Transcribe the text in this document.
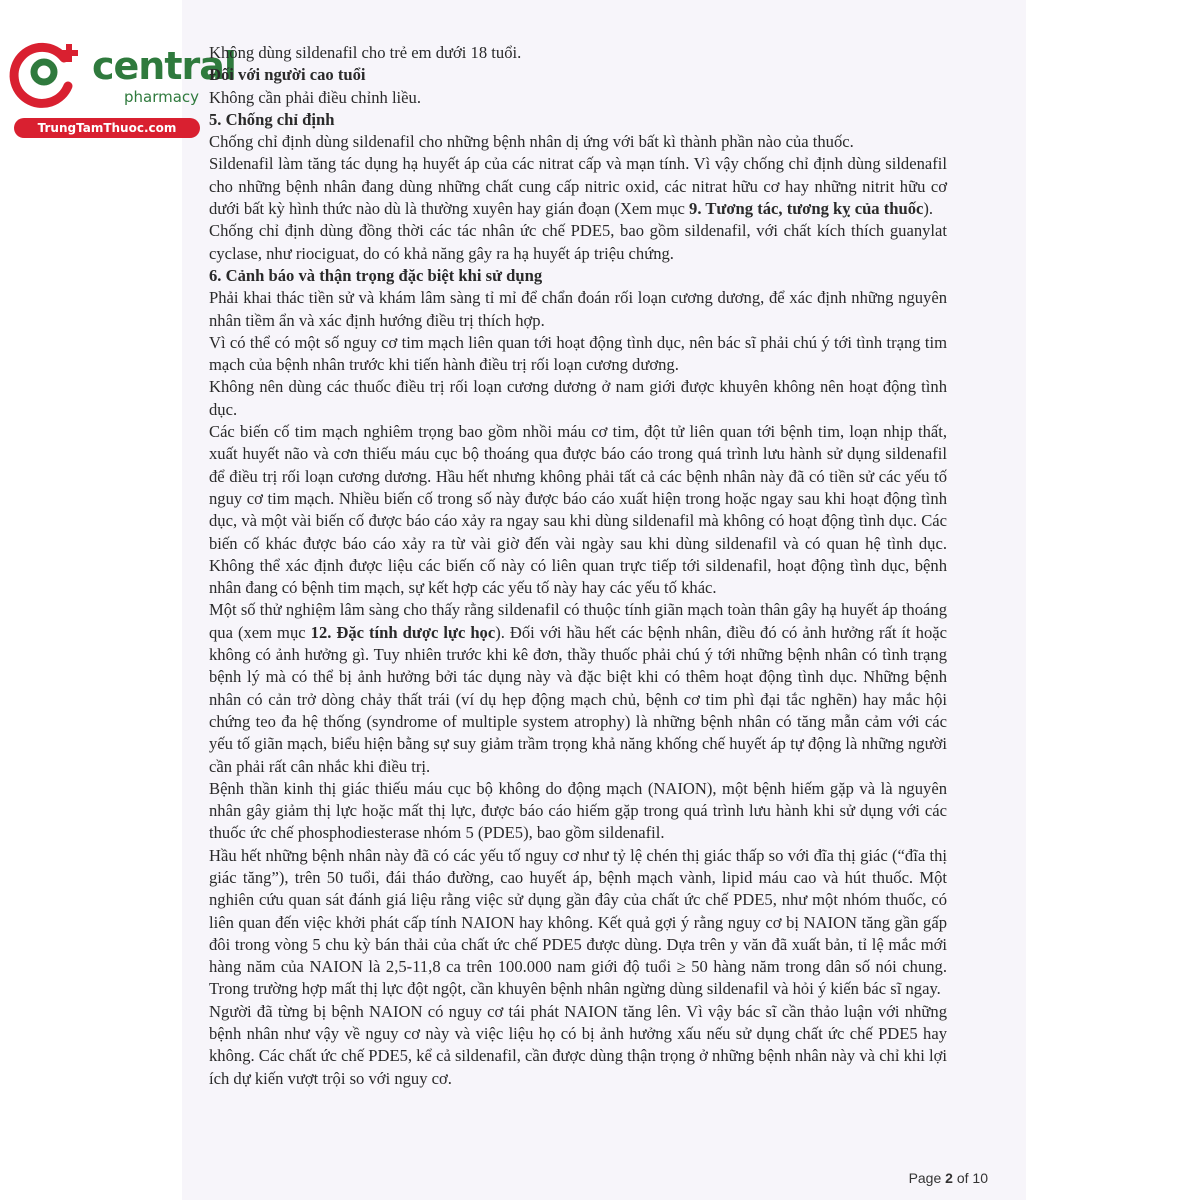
central
pharmacy
TrungTamThuoc.com

Không dùng sildenafil cho trẻ em dưới 18 tuổi.

Đối với người cao tuổi

Không cần phải điều chỉnh liều.

5. Chống chỉ định

Chống chỉ định dùng sildenafil cho những bệnh nhân dị ứng với bất kì thành phần nào của thuốc.

Sildenafil làm tăng tác dụng hạ huyết áp của các nitrat cấp và mạn tính. Vì vậy chống chỉ định dùng sildenafil cho những bệnh nhân đang dùng những chất cung cấp nitric oxid, các nitrat hữu cơ hay những nitrit hữu cơ dưới bất kỳ hình thức nào dù là thường xuyên hay gián đoạn (Xem mục 9. Tương tác, tương kỵ của thuốc).

Chống chỉ định dùng đồng thời các tác nhân ức chế PDE5, bao gồm sildenafil, với chất kích thích guanylat cyclase, như riociguat, do có khả năng gây ra hạ huyết áp triệu chứng.

6. Cảnh báo và thận trọng đặc biệt khi sử dụng

Phải khai thác tiền sử và khám lâm sàng tỉ mỉ để chẩn đoán rối loạn cương dương, để xác định những nguyên nhân tiềm ẩn và xác định hướng điều trị thích hợp.

Vì có thể có một số nguy cơ tim mạch liên quan tới hoạt động tình dục, nên bác sĩ phải chú ý tới tình trạng tim mạch của bệnh nhân trước khi tiến hành điều trị rối loạn cương dương.

Không nên dùng các thuốc điều trị rối loạn cương dương ở nam giới được khuyên không nên hoạt động tình dục.

Các biến cố tim mạch nghiêm trọng bao gồm nhồi máu cơ tim, đột tử liên quan tới bệnh tim, loạn nhịp thất, xuất huyết não và cơn thiếu máu cục bộ thoáng qua được báo cáo trong quá trình lưu hành sử dụng sildenafil để điều trị rối loạn cương dương. Hầu hết nhưng không phải tất cả các bệnh nhân này đã có tiền sử các yếu tố nguy cơ tim mạch. Nhiều biến cố trong số này được báo cáo xuất hiện trong hoặc ngay sau khi hoạt động tình dục, và một vài biến cố được báo cáo xảy ra ngay sau khi dùng sildenafil mà không có hoạt động tình dục. Các biến cố khác được báo cáo xảy ra từ vài giờ đến vài ngày sau khi dùng sildenafil và có quan hệ tình dục. Không thể xác định được liệu các biến cố này có liên quan trực tiếp tới sildenafil, hoạt động tình dục, bệnh nhân đang có bệnh tim mạch, sự kết hợp các yếu tố này hay các yếu tố khác.

Một số thử nghiệm lâm sàng cho thấy rằng sildenafil có thuộc tính giãn mạch toàn thân gây hạ huyết áp thoáng qua (xem mục 12. Đặc tính dược lực học). Đối với hầu hết các bệnh nhân, điều đó có ảnh hưởng rất ít hoặc không có ảnh hưởng gì. Tuy nhiên trước khi kê đơn, thầy thuốc phải chú ý tới những bệnh nhân có tình trạng bệnh lý mà có thể bị ảnh hưởng bởi tác dụng này và đặc biệt khi có thêm hoạt động tình dục. Những bệnh nhân có cản trở dòng chảy thất trái (ví dụ hẹp động mạch chủ, bệnh cơ tim phì đại tắc nghẽn) hay mắc hội chứng teo đa hệ thống (syndrome of multiple system atrophy) là những bệnh nhân có tăng mẫn cảm với các yếu tố giãn mạch, biểu hiện bằng sự suy giảm trầm trọng khả năng khống chế huyết áp tự động là những người cần phải rất cân nhắc khi điều trị.

Bệnh thần kinh thị giác thiếu máu cục bộ không do động mạch (NAION), một bệnh hiếm gặp và là nguyên nhân gây giảm thị lực hoặc mất thị lực, được báo cáo hiếm gặp trong quá trình lưu hành khi sử dụng với các thuốc ức chế phosphodiesterase nhóm 5 (PDE5), bao gồm sildenafil.

Hầu hết những bệnh nhân này đã có các yếu tố nguy cơ như tỷ lệ chén thị giác thấp so với đĩa thị giác (“đĩa thị giác tăng”), trên 50 tuổi, đái tháo đường, cao huyết áp, bệnh mạch vành, lipid máu cao và hút thuốc. Một nghiên cứu quan sát đánh giá liệu rằng việc sử dụng gần đây của chất ức chế PDE5, như một nhóm thuốc, có liên quan đến việc khởi phát cấp tính NAION hay không. Kết quả gợi ý rằng nguy cơ bị NAION tăng gần gấp đôi trong vòng 5 chu kỳ bán thải của chất ức chế PDE5 được dùng. Dựa trên y văn đã xuất bản, tỉ lệ mắc mới hàng năm của NAION là 2,5-11,8 ca trên 100.000 nam giới độ tuổi ≥ 50 hàng năm trong dân số nói chung. Trong trường hợp mất thị lực đột ngột, cần khuyên bệnh nhân ngừng dùng sildenafil và hỏi ý kiến bác sĩ ngay.

Người đã từng bị bệnh NAION có nguy cơ tái phát NAION tăng lên. Vì vậy bác sĩ cần thảo luận với những bệnh nhân như vậy về nguy cơ này và việc liệu họ có bị ảnh hưởng xấu nếu sử dụng chất ức chế PDE5 hay không. Các chất ức chế PDE5, kể cả sildenafil, cần được dùng thận trọng ở những bệnh nhân này và chỉ khi lợi ích dự kiến vượt trội so với nguy cơ.

Page 2 of 10
